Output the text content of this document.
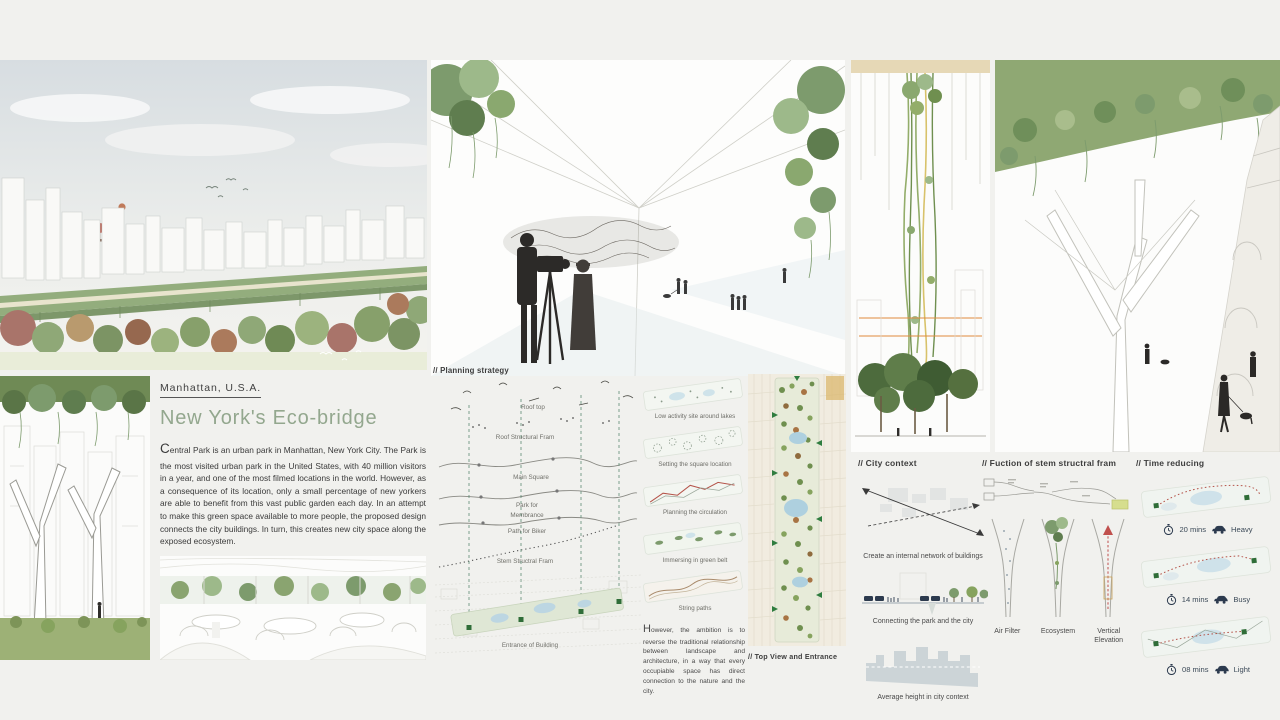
Manhattan, U.S.A.
New York's Eco-bridge

Central Park is an urban park in Manhattan, New York City. The Park is the most visited urban park in the United States, with 40 million visitors in a year, and one of the most filmed locations in the world. However, as a consequence of its location, only a small percentage of new yorkers are able to benefit from this vast public garden each day. In an attempt to make this green space available to more people, the proposed design connects the city buildings. In turn, this creates new city space along the exposed ecosystem.

// Planning strategy
Roof top
Roof Structural Fram
Main Square
Park for Membrance
Path for Biker
Stem Structral Fram
Entrance of Building
Low activity site around lakes
Setting the square location
Planning the circulation
Immersing in green belt
String paths

However, the ambition is to reverse the traditional relationship between landscape and architecture, in a way that every occupiable space has direct connection to the nature and the city.

// Top View and Entrance
// City context
Create an internal network of buildings
Connecting the park and the city
Average height in city context
// Fuction of stem structral fram
Air Filter	Ecosystem	Vertical Elevation
// Time reducing
20 mins	Heavy
14 mins	Busy
08 mins	Light
